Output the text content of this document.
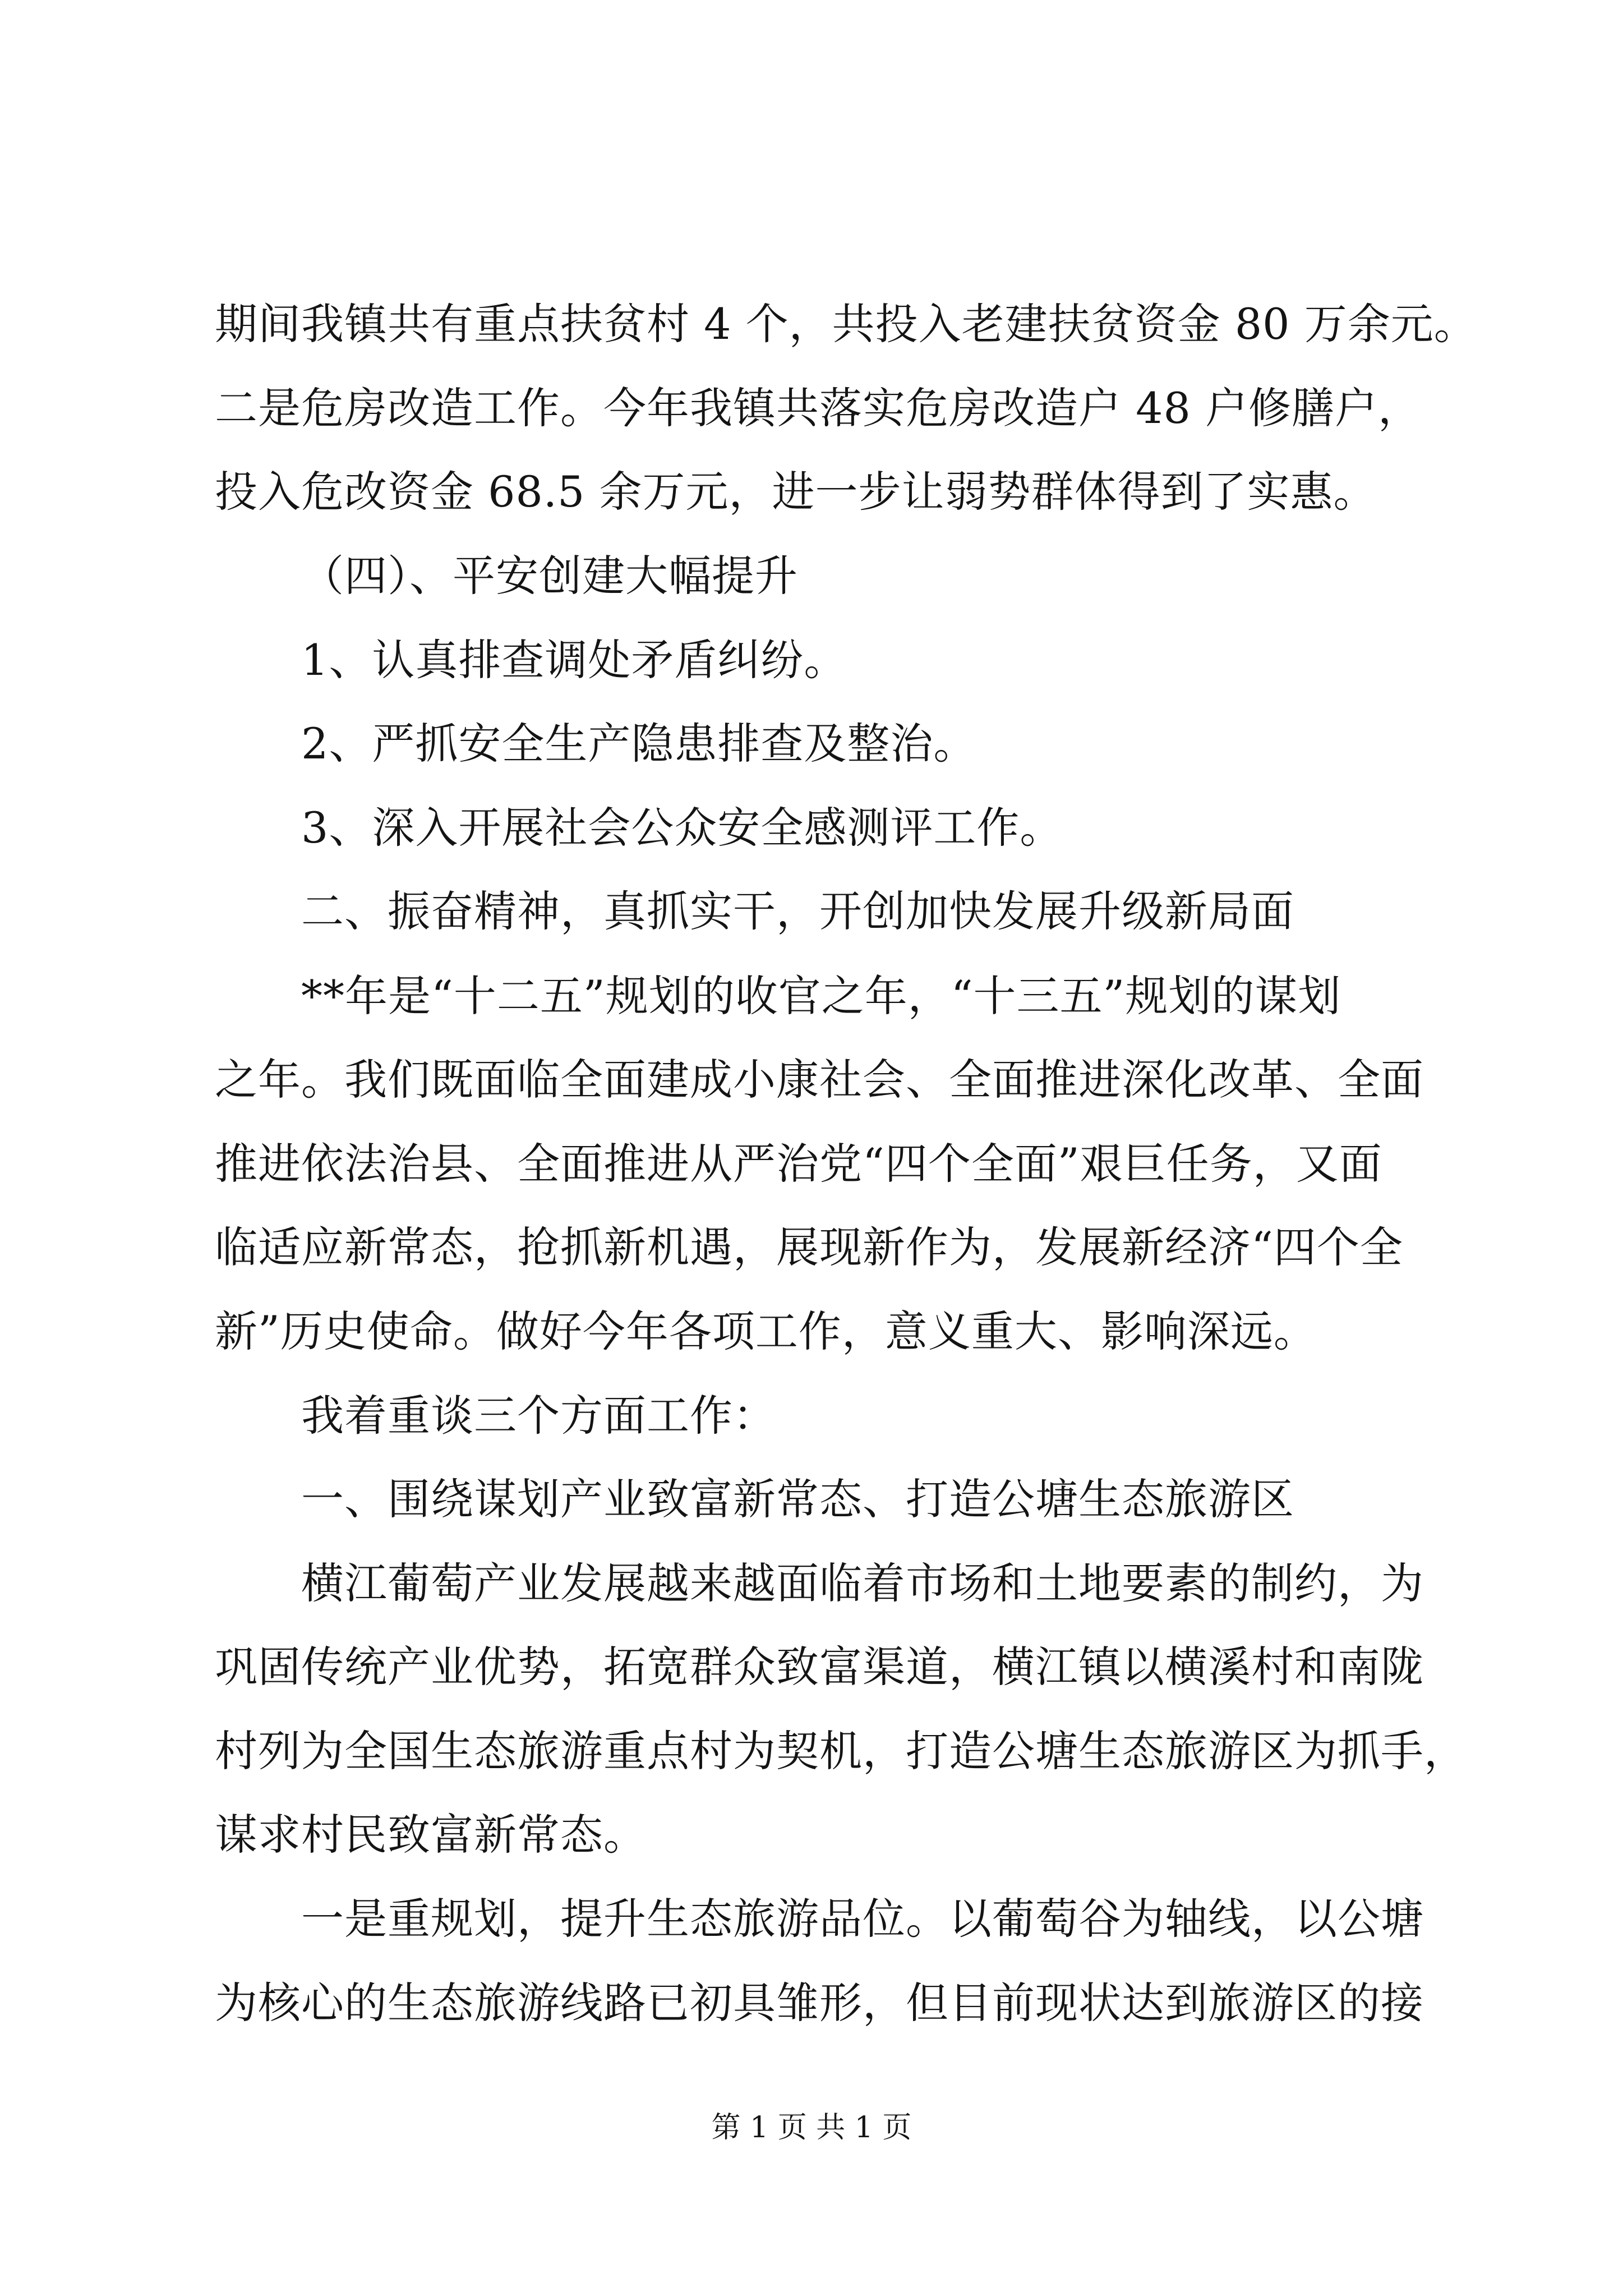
期间我镇共有重点扶贫村 4 个，共投入老建扶贫资金 80 万余元。
二是危房改造工作。今年我镇共落实危房改造户 48 户修膳户，
投入危改资金 68.5 余万元，进一步让弱势群体得到了实惠。
（四）、平安创建大幅提升
1、认真排查调处矛盾纠纷。
2、严抓安全生产隐患排查及整治。
3、深入开展社会公众安全感测评工作。
二、振奋精神，真抓实干，开创加快发展升级新局面
**年是“十二五”规划的收官之年，“十三五”规划的谋划
之年。我们既面临全面建成小康社会、全面推进深化改革、全面
推进依法治县、全面推进从严治党“四个全面”艰巨任务，又面
临适应新常态，抢抓新机遇，展现新作为，发展新经济“四个全
新”历史使命。做好今年各项工作，意义重大、影响深远。
我着重谈三个方面工作：
一、围绕谋划产业致富新常态、打造公塘生态旅游区
横江葡萄产业发展越来越面临着市场和土地要素的制约，为
巩固传统产业优势，拓宽群众致富渠道，横江镇以横溪村和南陇
村列为全国生态旅游重点村为契机，打造公塘生态旅游区为抓手，
谋求村民致富新常态。
一是重规划，提升生态旅游品位。以葡萄谷为轴线，以公塘
为核心的生态旅游线路已初具雏形，但目前现状达到旅游区的接
第 1 页 共 1 页
